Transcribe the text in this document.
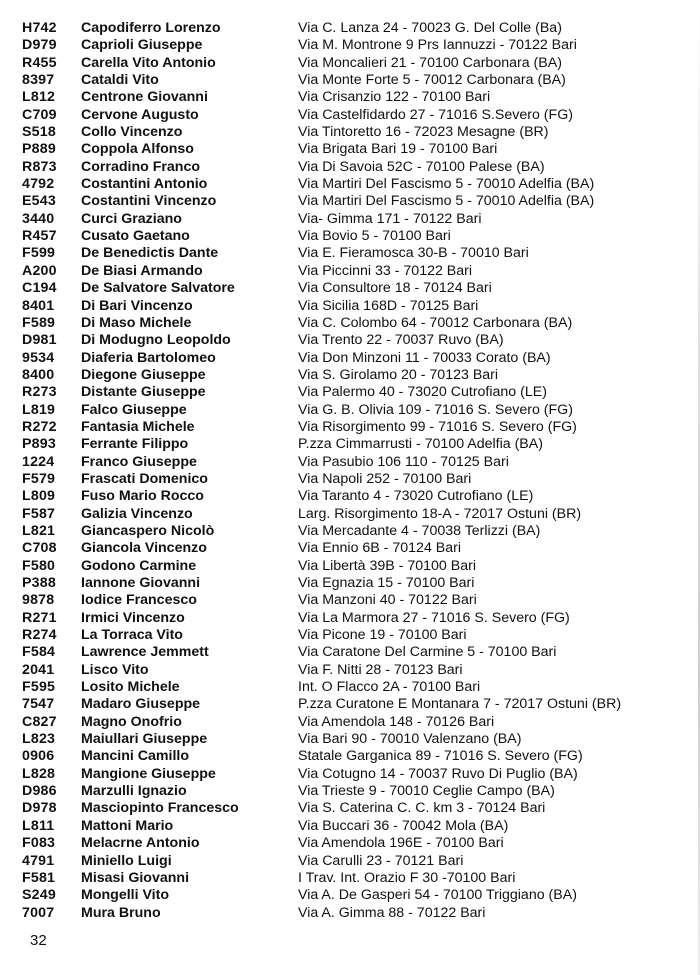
H742	Capodiferro Lorenzo	Via C. Lanza 24 - 70023 G. Del Colle (Ba)
D979	Caprioli Giuseppe	Via M. Montrone 9 Prs Iannuzzi - 70122 Bari
R455	Carella Vito Antonio	Via Moncalieri 21 - 70100 Carbonara (BA)
8397	Cataldi Vito	Via Monte Forte 5 - 70012 Carbonara (BA)
L812	Centrone Giovanni	Via Crisanzio 122 - 70100 Bari
C709	Cervone Augusto	Via Castelfidardo 27 - 71016 S.Severo (FG)
S518	Collo Vincenzo	Via Tintoretto 16 - 72023 Mesagne (BR)
P889	Coppola Alfonso	Via Brigata Bari 19 - 70100 Bari
R873	Corradino Franco	Via Di Savoia 52C - 70100 Palese (BA)
4792	Costantini Antonio	Via Martiri Del Fascismo 5 - 70010 Adelfia (BA)
E543	Costantini Vincenzo	Via Martiri Del Fascismo 5 - 70010 Adelfia (BA)
3440	Curci Graziano	Via- Gimma 171 - 70122 Bari
R457	Cusato Gaetano	Via Bovio 5 - 70100 Bari
F599	De Benedictis Dante	Via E. Fieramosca 30-B - 70010 Bari
A200	De Biasi Armando	Via Piccinni 33 - 70122 Bari
C194	De Salvatore Salvatore	Via Consultore 18 - 70124 Bari
8401	Di Bari Vincenzo	Via Sicilia 168D - 70125 Bari
F589	Di Maso Michele	Via C. Colombo 64 - 70012 Carbonara (BA)
D981	Di Modugno Leopoldo	Via Trento 22 - 70037 Ruvo (BA)
9534	Diaferia Bartolomeo	Via Don Minzoni 11 - 70033 Corato (BA)
8400	Diegone Giuseppe	Via S. Girolamo 20 - 70123 Bari
R273	Distante Giuseppe	Via Palermo 40 - 73020 Cutrofiano (LE)
L819	Falco Giuseppe	Via G. B. Olivia 109 - 71016 S. Severo (FG)
R272	Fantasia Michele	Via Risorgimento 99 - 71016 S. Severo (FG)
P893	Ferrante Filippo	P.zza Cimmarrusti - 70100 Adelfia (BA)
1224	Franco Giuseppe	Via Pasubio 106 110 - 70125 Bari
F579	Frascati Domenico	Via Napoli 252 - 70100 Bari
L809	Fuso Mario Rocco	Via Taranto 4 - 73020 Cutrofiano (LE)
F587	Galizia Vincenzo	Larg. Risorgimento 18-A - 72017 Ostuni (BR)
L821	Giancaspero Nicolò	Via Mercadante 4 - 70038 Terlizzi (BA)
C708	Giancola Vincenzo	Via Ennio 6B - 70124 Bari
F580	Godono Carmine	Via Libertà 39B - 70100 Bari
P388	Iannone Giovanni	Via Egnazia 15 - 70100 Bari
9878	Iodice Francesco	Via Manzoni 40 - 70122 Bari
R271	Irmici Vincenzo	Via La Marmora 27 - 71016 S. Severo (FG)
R274	La Torraca Vito	Via Picone 19 - 70100 Bari
F584	Lawrence Jemmett	Via Caratone Del Carmine 5 - 70100 Bari
2041	Lisco Vito	Via F. Nitti 28 - 70123 Bari
F595	Losito Michele	Int. O Flacco 2A - 70100 Bari
7547	Madaro Giuseppe	P.zza Curatone E Montanara 7 - 72017 Ostuni (BR)
C827	Magno Onofrio	Via Amendola 148 - 70126 Bari
L823	Maiullari Giuseppe	Via Bari 90 - 70010 Valenzano (BA)
0906	Mancini Camillo	Statale Garganica 89 - 71016 S. Severo (FG)
L828	Mangione Giuseppe	Via Cotugno 14 - 70037 Ruvo Di Puglio (BA)
D986	Marzulli Ignazio	Via Trieste 9 - 70010 Ceglie Campo (BA)
D978	Masciopinto Francesco	Via S. Caterina C. C. km 3 - 70124 Bari
L811	Mattoni Mario	Via Buccari 36 - 70042 Mola (BA)
F083	Melacrne Antonio	Via Amendola 196E - 70100 Bari
4791	Miniello Luigi	Via Carulli 23 - 70121 Bari
F581	Misasi Giovanni	I Trav. Int. Orazio F 30 -70100 Bari
S249	Mongelli Vito	Via A. De Gasperi 54 - 70100 Triggiano (BA)
7007	Mura Bruno	Via A. Gimma 88 - 70122 Bari
32
